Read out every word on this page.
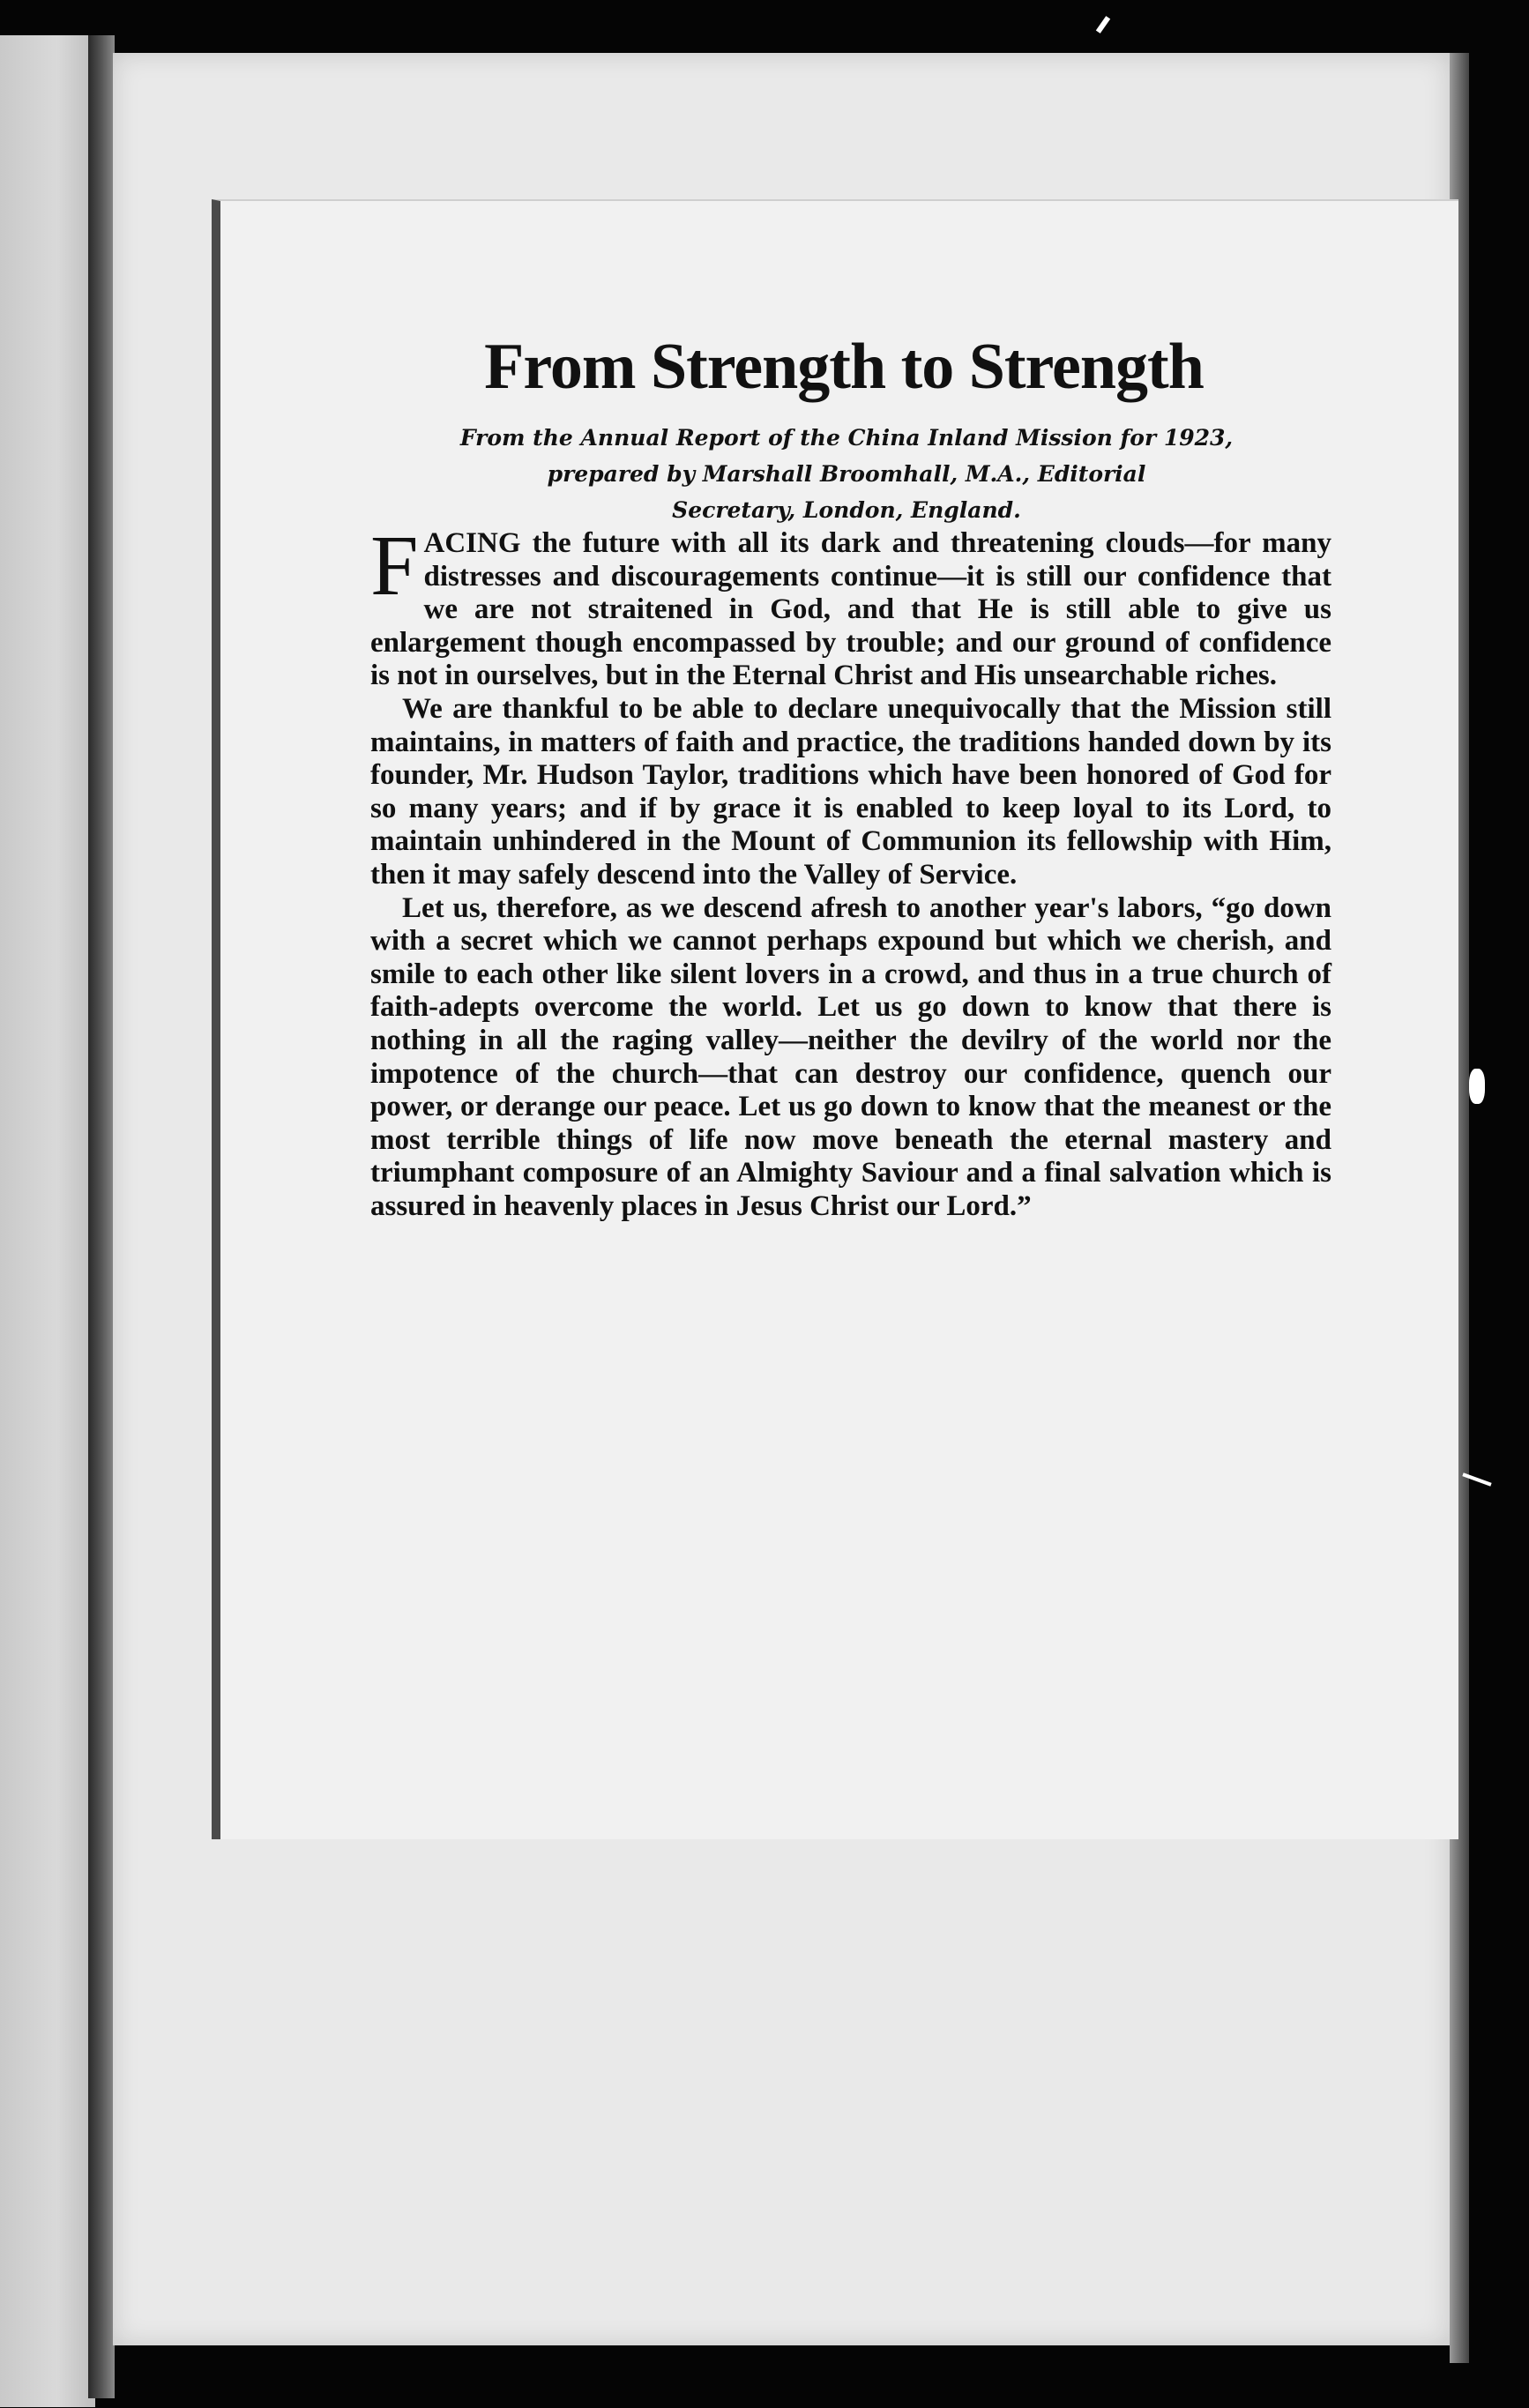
From Strength to Strength
From the Annual Report of the China Inland Mission for 1923,
prepared by Marshall Broomhall, M.A., Editorial
Secretary, London, England.

FACING the future with all its dark and threatening clouds—for many distresses and discouragements continue—it is still our confidence that we are not straitened in God, and that He is still able to give us enlargement though encompassed by trouble; and our ground of confidence is not in ourselves, but in the Eternal Christ and His unsearchable riches.

We are thankful to be able to declare unequivocally that the Mission still maintains, in matters of faith and practice, the traditions handed down by its founder, Mr. Hudson Taylor, traditions which have been honored of God for so many years; and if by grace it is enabled to keep loyal to its Lord, to maintain unhindered in the Mount of Communion its fellowship with Him, then it may safely descend into the Valley of Service.

Let us, therefore, as we descend afresh to another year's labors, “go down with a secret which we cannot perhaps expound but which we cherish, and smile to each other like silent lovers in a crowd, and thus in a true church of faith-adepts overcome the world. Let us go down to know that there is nothing in all the raging valley—neither the devilry of the world nor the impotence of the church—that can destroy our confidence, quench our power, or derange our peace. Let us go down to know that the meanest or the most terrible things of life now move beneath the eternal mastery and triumphant composure of an Almighty Saviour and a final salvation which is assured in heavenly places in Jesus Christ our Lord.”
